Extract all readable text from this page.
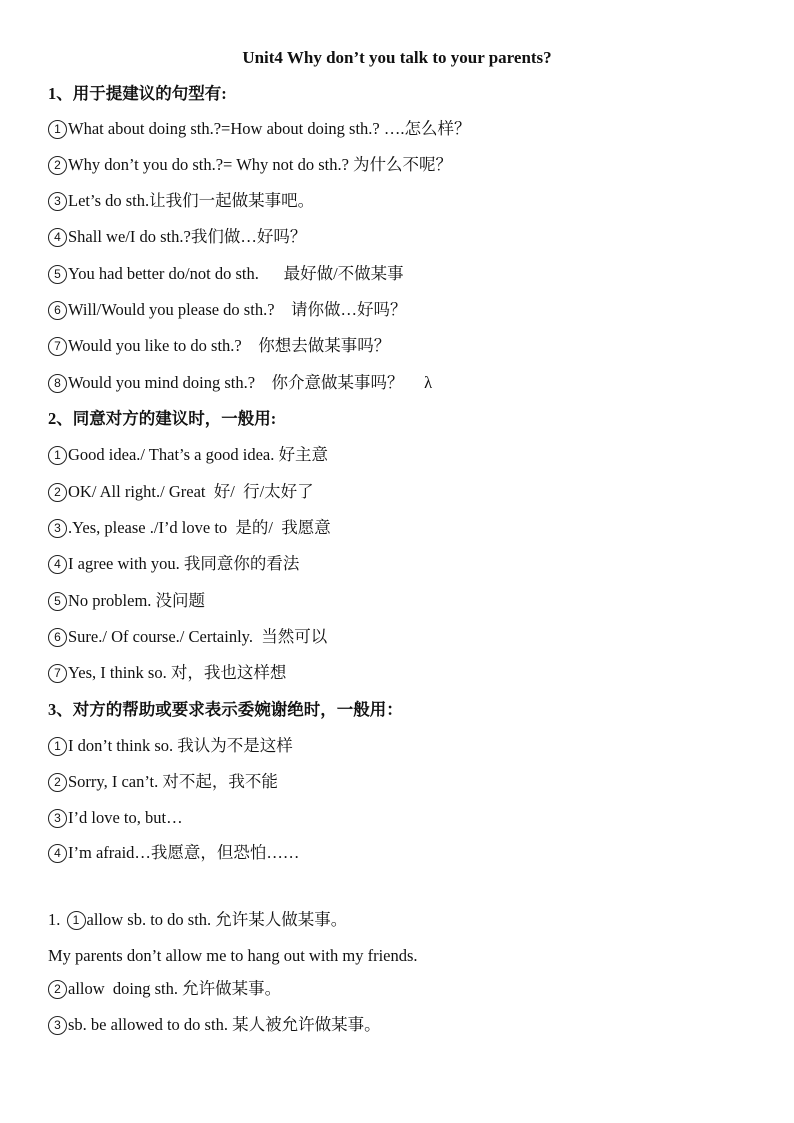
Unit4 Why don’t you talk to your parents?
1、用于提建议的句型有:
1 What about doing sth.?=How about doing sth.? ….怎么样？
2 Why don’t you do sth.?= Why not do sth.? 为什么不呢？
3 Let’s do sth.让我们一起做某事吧。
4 Shall we/I do sth.?我们做…好吗？
5 You had better do/not do sth.      最好做/不做某事
6 Will/Would you please do sth.?    请你做…好吗？
7 Would you like to do sth.?    你想去做某事吗？
8 Would you mind doing sth.?    你介意做某事吗？     λ
2、同意对方的建议时，一般用:
1 Good idea./ That’s a good idea. 好主意
2 OK/ All right./ Great  好/  行/太好了
3 .Yes, please ./I’d love to  是的/  我愿意
4 I agree with you. 我同意你的看法
5 No problem. 没问题
6 Sure./ Of course./ Certainly.  当然可以
7 Yes, I think so. 对，我也这样想
3、对方的帮助或要求表示委婉谢绝时，一般用：
1 I don’t think so. 我认为不是这样
2 Sorry, I can’t. 对不起，我不能
3 I’d love to, but…
4 I’m afraid…我愿意，但恐怕……
1. 1 allow sb. to do sth. 允许某人做某事。
My parents don’t allow me to hang out with my friends.
2 allow  doing sth. 允许做某事。
3 sb. be allowed to do sth. 某人被允许做某事。
